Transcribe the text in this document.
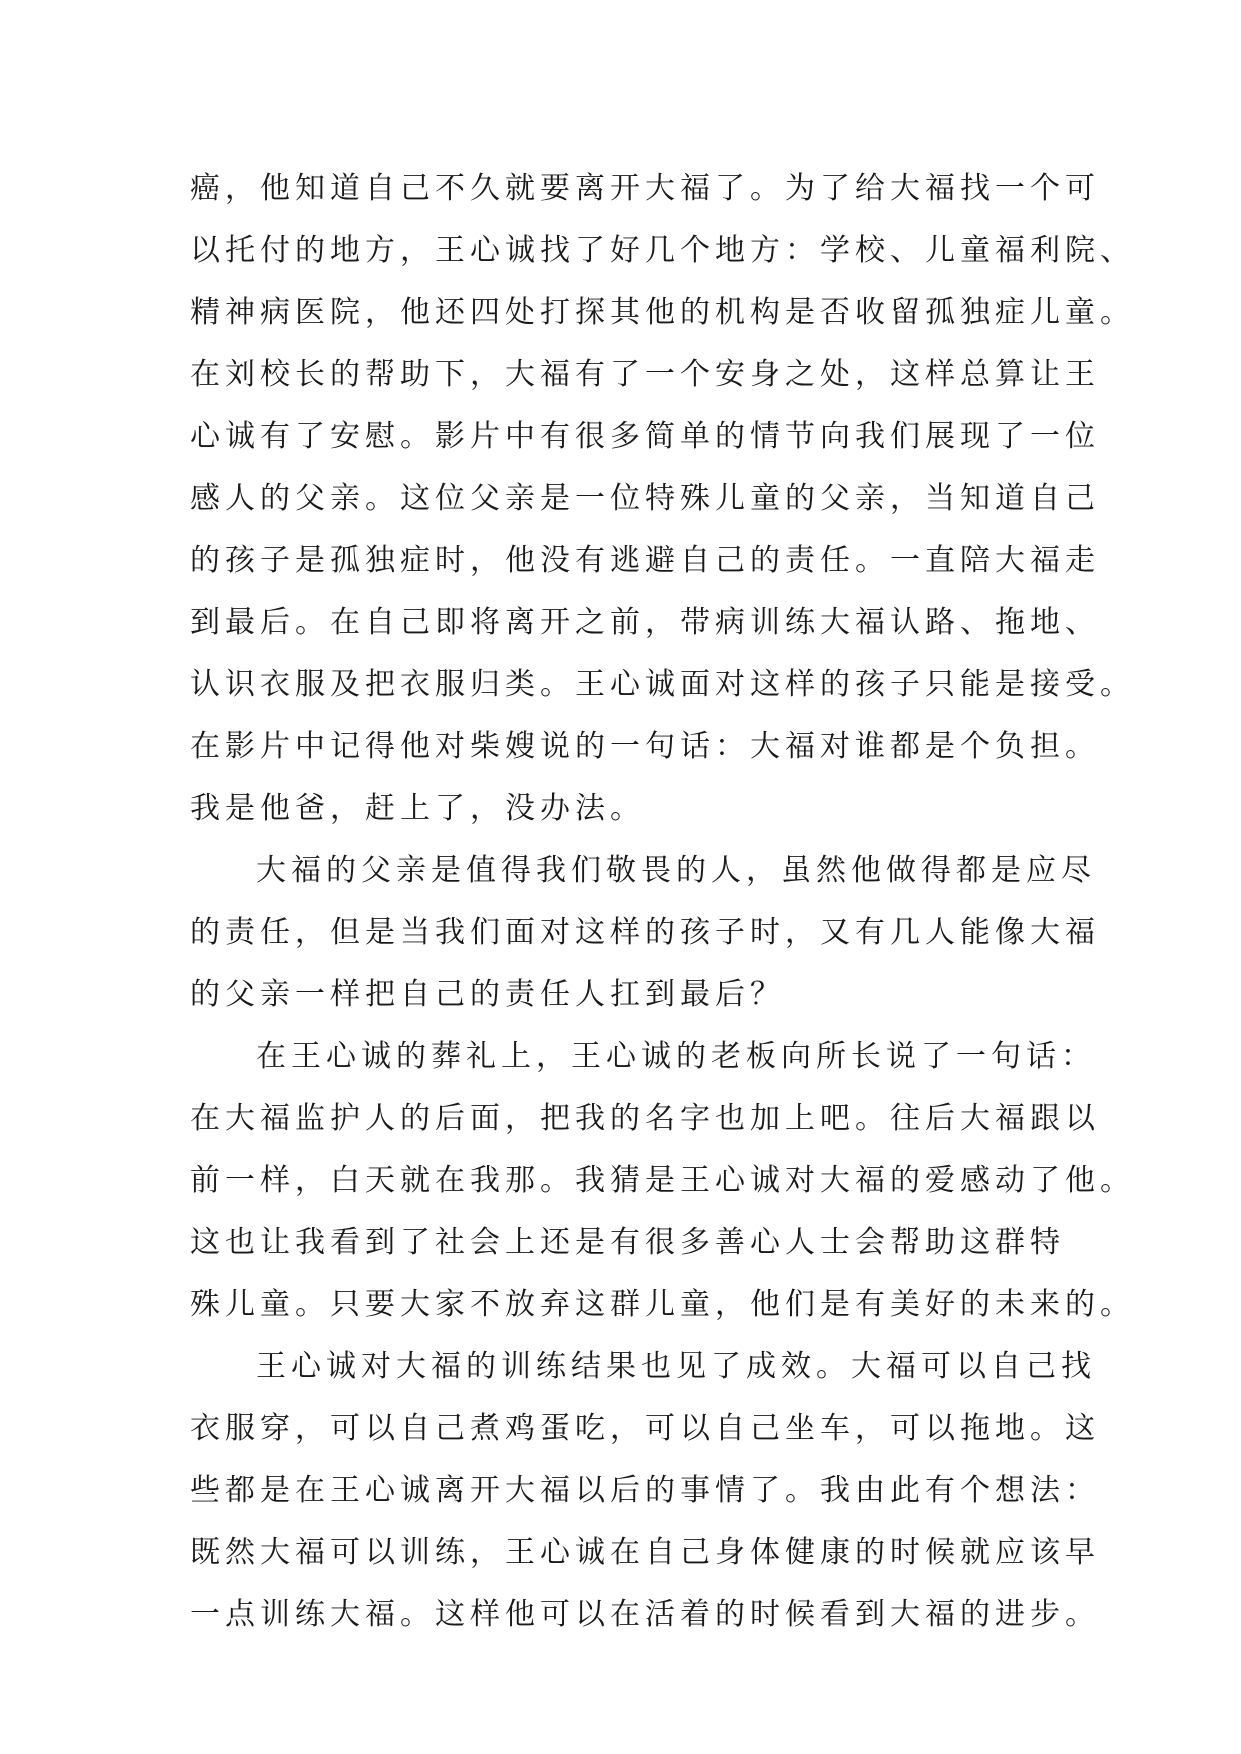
癌，他知道自己不久就要离开大福了。为了给大福找一个可
以托付的地方，王心诚找了好几个地方：学校、儿童福利院、
精神病医院，他还四处打探其他的机构是否收留孤独症儿童。
在刘校长的帮助下，大福有了一个安身之处，这样总算让王
心诚有了安慰。影片中有很多简单的情节向我们展现了一位
感人的父亲。这位父亲是一位特殊儿童的父亲，当知道自己
的孩子是孤独症时，他没有逃避自己的责任。一直陪大福走
到最后。在自己即将离开之前，带病训练大福认路、拖地、
认识衣服及把衣服归类。王心诚面对这样的孩子只能是接受。
在影片中记得他对柴嫂说的一句话：大福对谁都是个负担。
我是他爸，赶上了，没办法。
大福的父亲是值得我们敬畏的人，虽然他做得都是应尽
的责任，但是当我们面对这样的孩子时，又有几人能像大福
的父亲一样把自己的责任人扛到最后？
在王心诚的葬礼上，王心诚的老板向所长说了一句话：
在大福监护人的后面，把我的名字也加上吧。往后大福跟以
前一样，白天就在我那。我猜是王心诚对大福的爱感动了他。
这也让我看到了社会上还是有很多善心人士会帮助这群特
殊儿童。只要大家不放弃这群儿童，他们是有美好的未来的。
王心诚对大福的训练结果也见了成效。大福可以自己找
衣服穿，可以自己煮鸡蛋吃，可以自己坐车，可以拖地。这
些都是在王心诚离开大福以后的事情了。我由此有个想法：
既然大福可以训练，王心诚在自己身体健康的时候就应该早
一点训练大福。这样他可以在活着的时候看到大福的进步。
